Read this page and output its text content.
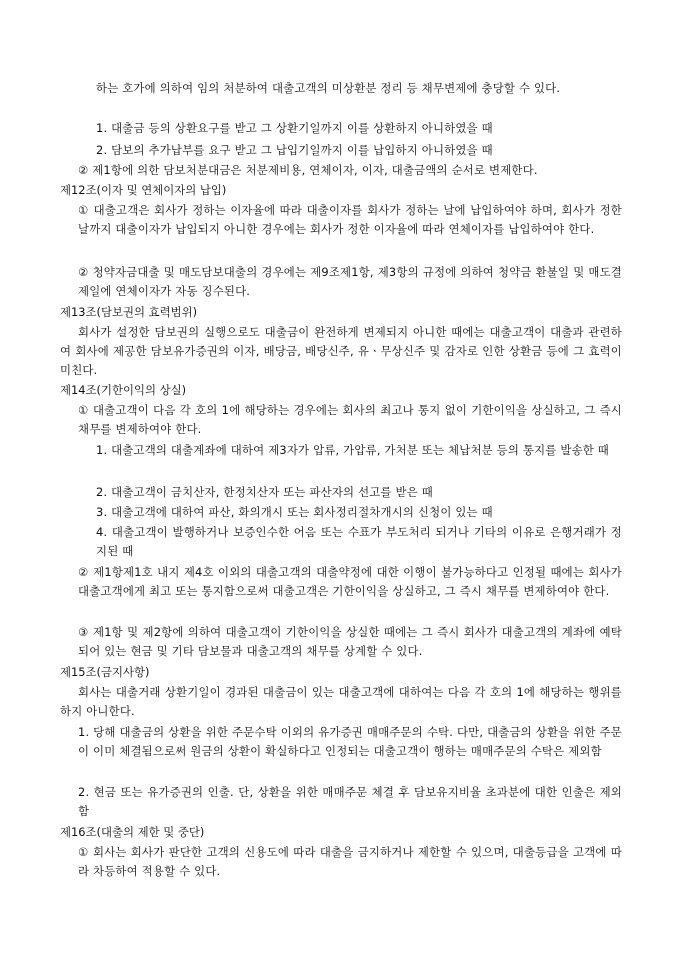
하는 호가에 의하여 임의 처분하여 대출고객의 미상환분 정리 등 채무변제에 충당할 수 있다.
1. 대출금 등의 상환요구를 받고 그 상환기일까지 이를 상환하지 아니하였을 때
2. 담보의 추가납부를 요구 받고 그 납입기일까지 이를 납입하지 아니하였을 때
② 제1항에 의한 담보처분대금은 처분제비용, 연체이자, 이자, 대출금액의 순서로 변제한다.
제12조(이자 및 연체이자의 납입)
① 대출고객은 회사가 정하는 이자율에 따라 대출이자를 회사가 정하는 날에 납입하여야 하며, 회사가 정한 날까지 대출이자가 납입되지 아니한 경우에는 회사가 정한 이자율에 따라 연체이자를 납입하여야 한다.
② 청약자금대출 및 매도담보대출의 경우에는 제9조제1항, 제3항의 규정에 의하여 청약금 환불일 및 매도결제일에 연체이자가 자동 징수된다.
제13조(담보권의 효력범위)
회사가 설정한 담보권의 실행으로도 대출금이 완전하게 변제되지 아니한 때에는 대출고객이 대출과 관련하여 회사에 제공한 담보유가증권의 이자, 배당금, 배당신주, 유ㆍ무상신주 및 감자로 인한 상환금 등에 그 효력이 미친다.
제14조(기한이익의 상실)
① 대출고객이 다음 각 호의 1에 해당하는 경우에는 회사의 최고나 통지 없이 기한이익을 상실하고, 그 즉시 채무를 변제하여야 한다.
1. 대출고객의 대출계좌에 대하여 제3자가 압류, 가압류, 가처분 또는 체납처분 등의 통지를 발송한 때
2. 대출고객이 금치산자, 한정치산자 또는 파산자의 선고를 받은 때
3. 대출고객에 대하여 파산, 화의개시 또는 회사정리절차개시의 신청이 있는 때
4. 대출고객이 발행하거나 보증인수한 어음 또는 수표가 부도처리 되거나 기타의 이유로 은행거래가 정지된 때
② 제1항제1호 내지 제4호 이외의 대출고객의 대출약정에 대한 이행이 불가능하다고 인정될 때에는 회사가 대출고객에게 최고 또는 통지함으로써 대출고객은 기한이익을 상실하고, 그 즉시 채무를 변제하여야 한다.
③ 제1항 및 제2항에 의하여 대출고객이 기한이익을 상실한 때에는 그 즉시 회사가 대출고객의 계좌에 예탁되어 있는 현금 및 기타 담보물과 대출고객의 채무를 상계할 수 있다.
제15조(금지사항)
회사는 대출거래 상환기일이 경과된 대출금이 있는 대출고객에 대하여는 다음 각 호의 1에 해당하는 행위를 하지 아니한다.
1. 당해 대출금의 상환을 위한 주문수탁 이외의 유가증권 매매주문의 수탁. 다만, 대출금의 상환을 위한 주문이 이미 체결됨으로써 원금의 상환이 확실하다고 인정되는 대출고객이 행하는 매매주문의 수탁은 제외함
2. 현금 또는 유가증권의 인출. 단, 상환을 위한 매매주문 체결 후 담보유지비율 초과분에 대한 인출은 제외함
제16조(대출의 제한 및 중단)
① 회사는 회사가 판단한 고객의 신용도에 따라 대출을 금지하거나 제한할 수 있으며, 대출등급을 고객에 따라 차등하여 적용할 수 있다.
